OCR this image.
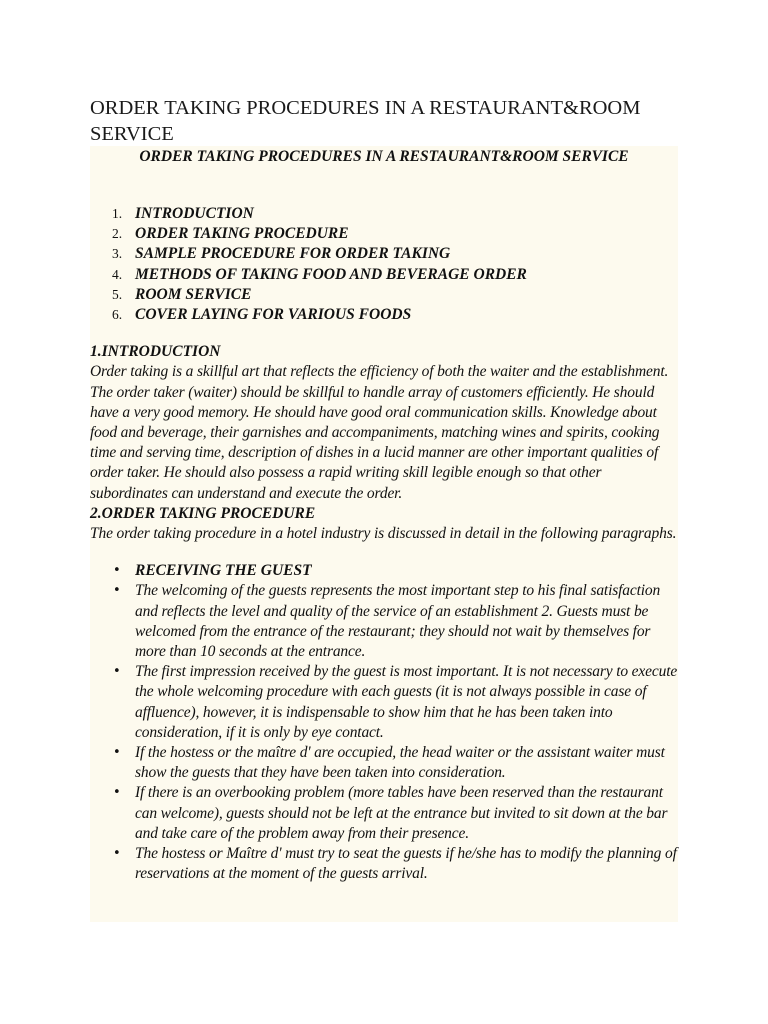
ORDER TAKING PROCEDURES IN A RESTAURANT&ROOM SERVICE
ORDER TAKING PROCEDURES IN A RESTAURANT&ROOM SERVICE
1. INTRODUCTION
2. ORDER TAKING PROCEDURE
3. SAMPLE PROCEDURE FOR ORDER TAKING
4. METHODS OF TAKING FOOD AND BEVERAGE ORDER
5. ROOM SERVICE
6. COVER LAYING FOR VARIOUS FOODS
1.INTRODUCTION

Order taking is a skillful art that reflects the efficiency of both the waiter and the establishment. The order taker (waiter) should be skillful to handle array of customers efficiently. He should have a very good memory. He should have good oral communication skills. Knowledge about food and beverage, their garnishes and accompaniments, matching wines and spirits, cooking time and serving time, description of dishes in a lucid manner are other important qualities of order taker. He should also possess a rapid writing skill legible enough so that other subordinates can understand and execute the order.

2.ORDER TAKING PROCEDURE

The order taking procedure in a hotel industry is discussed in detail in the following paragraphs.

• RECEIVING THE GUEST
• The welcoming of the guests represents the most important step to his final satisfaction and reflects the level and quality of the service of an establishment 2. Guests must be welcomed from the entrance of the restaurant; they should not wait by themselves for more than 10 seconds at the entrance.
• The first impression received by the guest is most important. It is not necessary to execute the whole welcoming procedure with each guests (it is not always possible in case of affluence), however, it is indispensable to show him that he has been taken into consideration, if it is only by eye contact.
• If the hostess or the maître d' are occupied, the head waiter or the assistant waiter must show the guests that they have been taken into consideration.
• If there is an overbooking problem (more tables have been reserved than the restaurant can welcome), guests should not be left at the entrance but invited to sit down at the bar and take care of the problem away from their presence.
• The hostess or Maître d' must try to seat the guests if he/she has to modify the planning of reservations at the moment of the guests arrival.
